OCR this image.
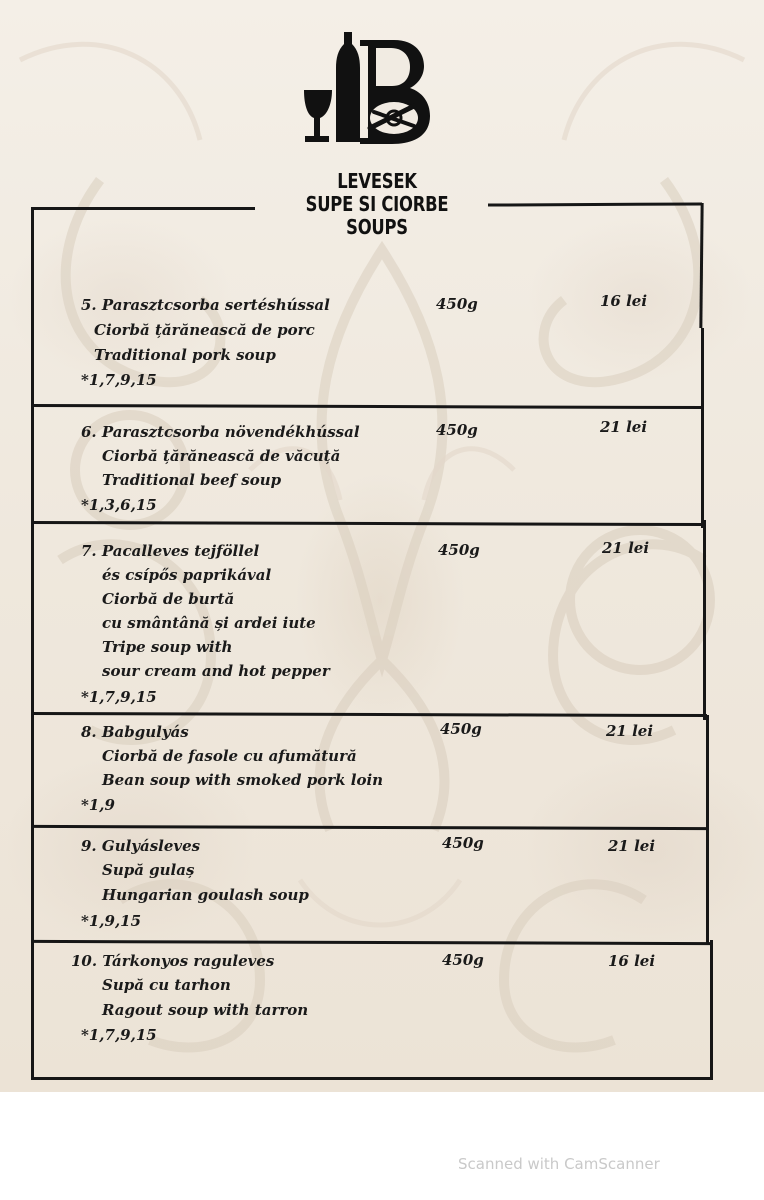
LEVESEK
SUPE SI CIORBE
SOUPS
5. Parasztcsorba sertéshússal
Ciorbă țărănească de porc
Traditional pork soup
*1,7,9,15
450g	16 lei
6. Parasztcsorba növendékhússal
Ciorbă țărănească de văcuță
Traditional beef soup
*1,3,6,15
450g	21 lei
7. Pacalleves tejföllel
és csípős paprikával
Ciorbă de burtă
cu smântână și ardei iute
Tripe soup with
sour cream and hot pepper
*1,7,9,15
450g	21 lei
8. Babgulyás
Ciorbă de fasole cu afumătură
Bean soup with smoked pork loin
*1,9
450g	21 lei
9. Gulyásleves
Supă gulaș
Hungarian goulash soup
*1,9,15
450g	21 lei
10. Tárkonyos raguleves
Supă cu tarhon
Ragout soup with tarron
*1,7,9,15
450g	16 lei
Scanned with CamScanner
